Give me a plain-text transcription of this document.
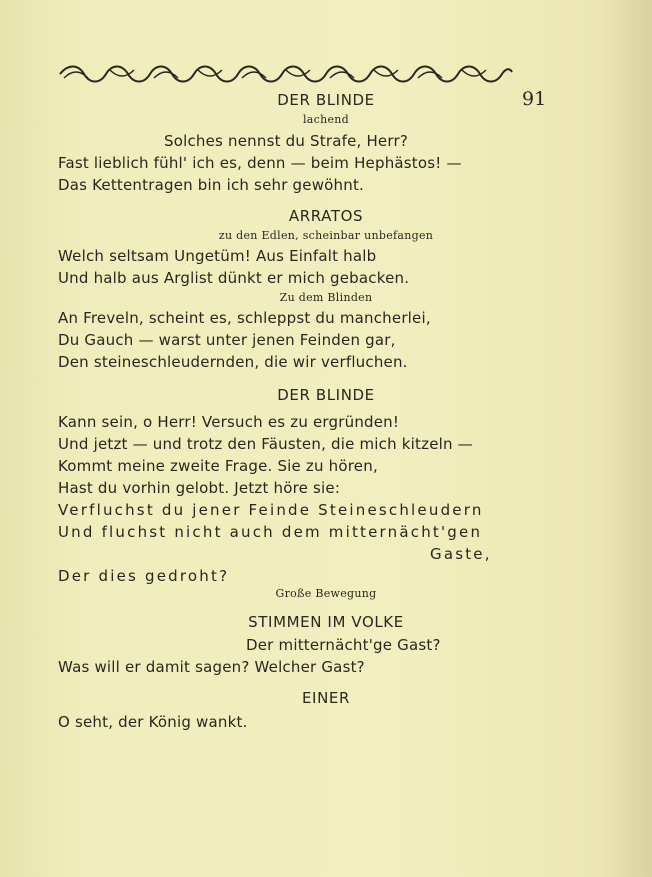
91
DER BLINDE
lachend
Solches nennst du Strafe, Herr?
Fast lieblich fühl' ich es, denn — beim Hephästos! —
Das Kettentragen bin ich sehr gewöhnt.
ARRATOS
zu den Edlen, scheinbar unbefangen
Welch seltsam Ungetüm! Aus Einfalt halb
Und halb aus Arglist dünkt er mich gebacken.
Zu dem Blinden
An Freveln, scheint es, schleppst du mancherlei,
Du Gauch — warst unter jenen Feinden gar,
Den steineschleudernden, die wir verfluchen.
DER BLINDE
Kann sein, o Herr! Versuch es zu ergründen!
Und jetzt — und trotz den Fäusten, die mich kitzeln —
Kommt meine zweite Frage. Sie zu hören,
Hast du vorhin gelobt. Jetzt höre sie:
Verfluchst du jener Feinde Steineschleudern
Und fluchst nicht auch dem mitternächt'gen
Gaste,
Der dies gedroht?
Große Bewegung
STIMMEN IM VOLKE
Der mitternächt'ge Gast?
Was will er damit sagen? Welcher Gast?
EINER
O seht, der König wankt.
